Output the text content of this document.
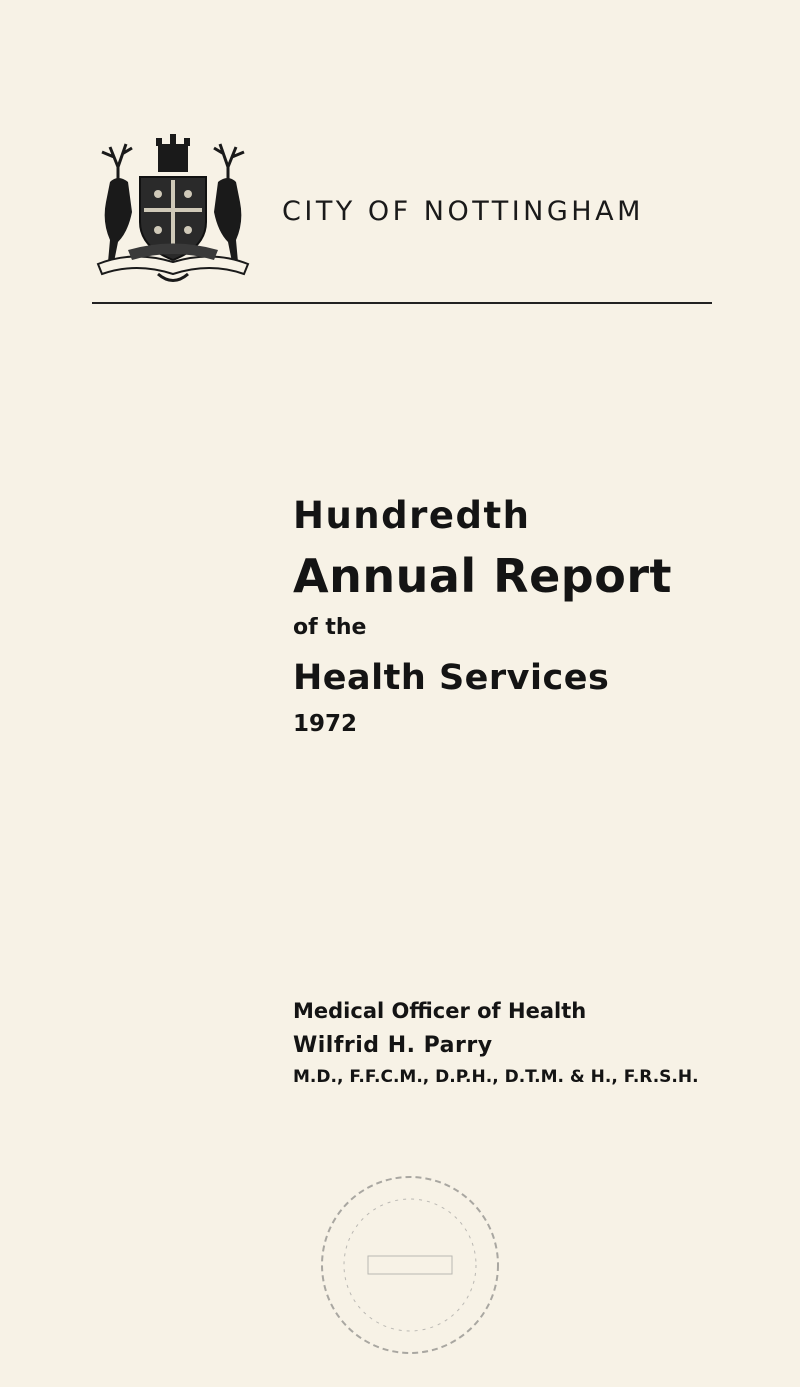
CITY OF NOTTINGHAM
Hundredth
Annual Report
of the
Health Services
1972
Medical Officer of Health
Wilfrid H. Parry
M.D., F.F.C.M., D.P.H., D.T.M. & H., F.R.S.H.
